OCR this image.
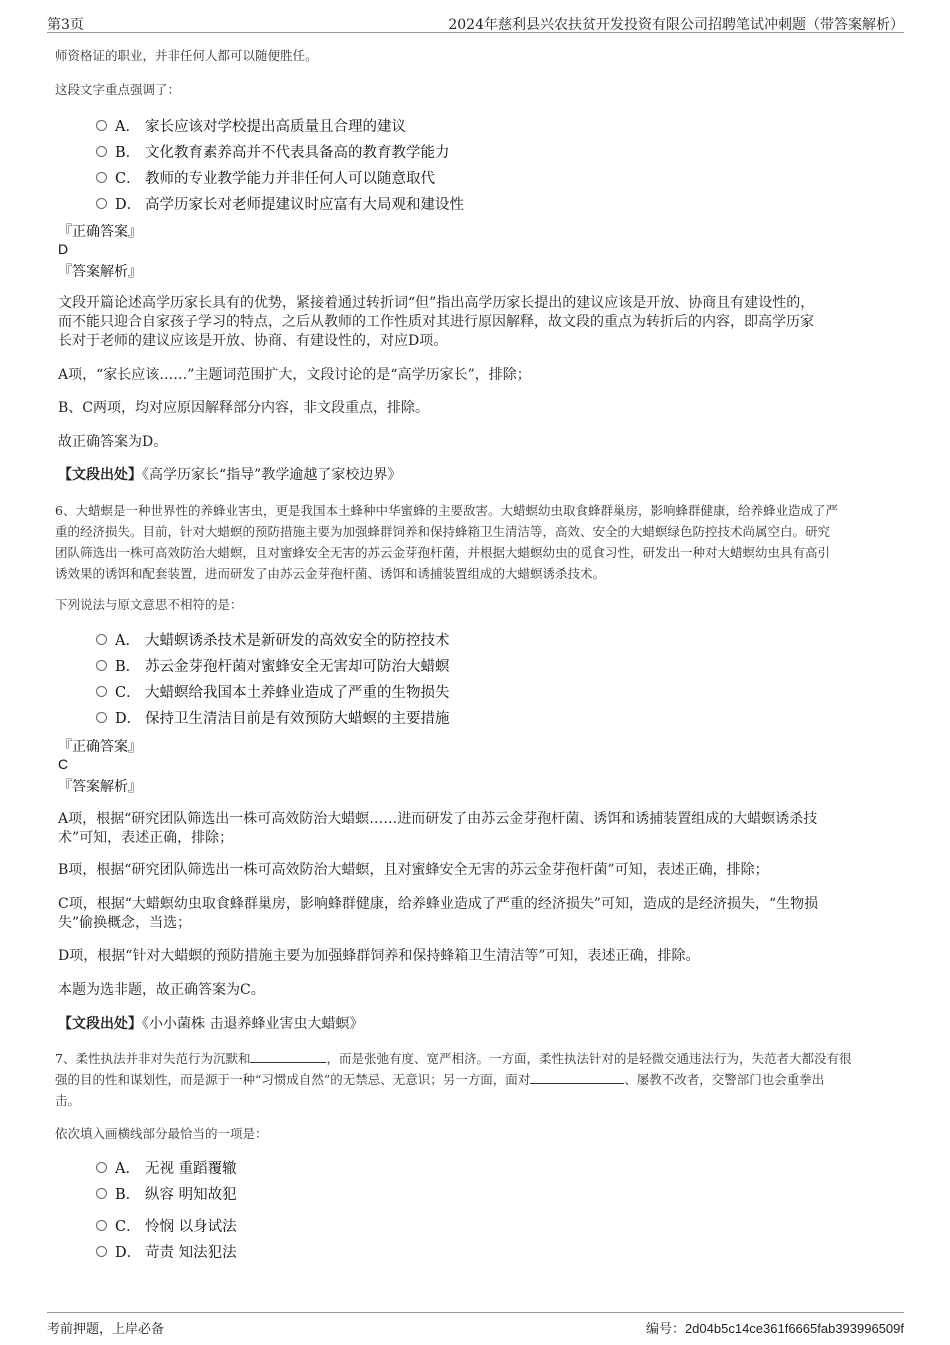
第3页	2024年慈利县兴农扶贫开发投资有限公司招聘笔试冲刺题（带答案解析）
师资格证的职业，并非任何人都可以随便胜任。
这段文字重点强调了：
A． 家长应该对学校提出高质量且合理的建议
B． 文化教育素养高并不代表具备高的教育教学能力
C． 教师的专业教学能力并非任何人可以随意取代
D． 高学历家长对老师提建议时应富有大局观和建设性
『正确答案』
D
『答案解析』
文段开篇论述高学历家长具有的优势，紧接着通过转折词“但”指出高学历家长提出的建议应该是开放、协商且有建设性的，
而不能只迎合自家孩子学习的特点，之后从教师的工作性质对其进行原因解释，故文段的重点为转折后的内容，即高学历家
长对于老师的建议应该是开放、协商、有建设性的，对应D项。
A项，“家长应该……”主题词范围扩大，文段讨论的是“高学历家长”，排除；
B、C两项，均对应原因解释部分内容，非文段重点，排除。
故正确答案为D。
【文段出处】《高学历家长“指导”教学逾越了家校边界》
6、大蜡螟是一种世界性的养蜂业害虫，更是我国本土蜂种中华蜜蜂的主要敌害。大蜡螟幼虫取食蜂群巢房，影响蜂群健康，给养蜂业造成了严
重的经济损失。目前，针对大蜡螟的预防措施主要为加强蜂群饲养和保持蜂箱卫生清洁等，高效、安全的大蜡螟绿色防控技术尚属空白。研究
团队筛选出一株可高效防治大蜡螟，且对蜜蜂安全无害的苏云金芽孢杆菌，并根据大蜡螟幼虫的觅食习性，研发出一种对大蜡螟幼虫具有高引
诱效果的诱饵和配套装置，进而研发了由苏云金芽孢杆菌、诱饵和诱捕装置组成的大蜡螟诱杀技术。
下列说法与原文意思不相符的是：
A． 大蜡螟诱杀技术是新研发的高效安全的防控技术
B． 苏云金芽孢杆菌对蜜蜂安全无害却可防治大蜡螟
C． 大蜡螟给我国本土养蜂业造成了严重的生物损失
D． 保持卫生清洁目前是有效预防大蜡螟的主要措施
『正确答案』
C
『答案解析』
A项，根据“研究团队筛选出一株可高效防治大蜡螟……进而研发了由苏云金芽孢杆菌、诱饵和诱捕装置组成的大蜡螟诱杀技
术”可知，表述正确，排除；
B项，根据“研究团队筛选出一株可高效防治大蜡螟，且对蜜蜂安全无害的苏云金芽孢杆菌”可知，表述正确，排除；
C项，根据“大蜡螟幼虫取食蜂群巢房，影响蜂群健康，给养蜂业造成了严重的经济损失”可知，造成的是经济损失，“生物损
失”偷换概念，当选；
D项，根据“针对大蜡螟的预防措施主要为加强蜂群饲养和保持蜂箱卫生清洁等”可知，表述正确，排除。
本题为选非题，故正确答案为C。
【文段出处】《小小菌株 击退养蜂业害虫大蜡螟》
7、柔性执法并非对失范行为沉默和	，而是张弛有度、宽严相济。一方面，柔性执法针对的是轻微交通违法行为，失范者大都没有很
强的目的性和谋划性，而是源于一种“习惯成自然”的无禁忌、无意识；另一方面，面对	、屡教不改者，交警部门也会重拳出
击。
依次填入画横线部分最恰当的一项是：
A． 无视 重蹈覆辙
B． 纵容 明知故犯
C． 怜悯 以身试法
D． 苛责 知法犯法
考前押题，上岸必备	编号：2d04b5c14ce361f6665fab393996509f
